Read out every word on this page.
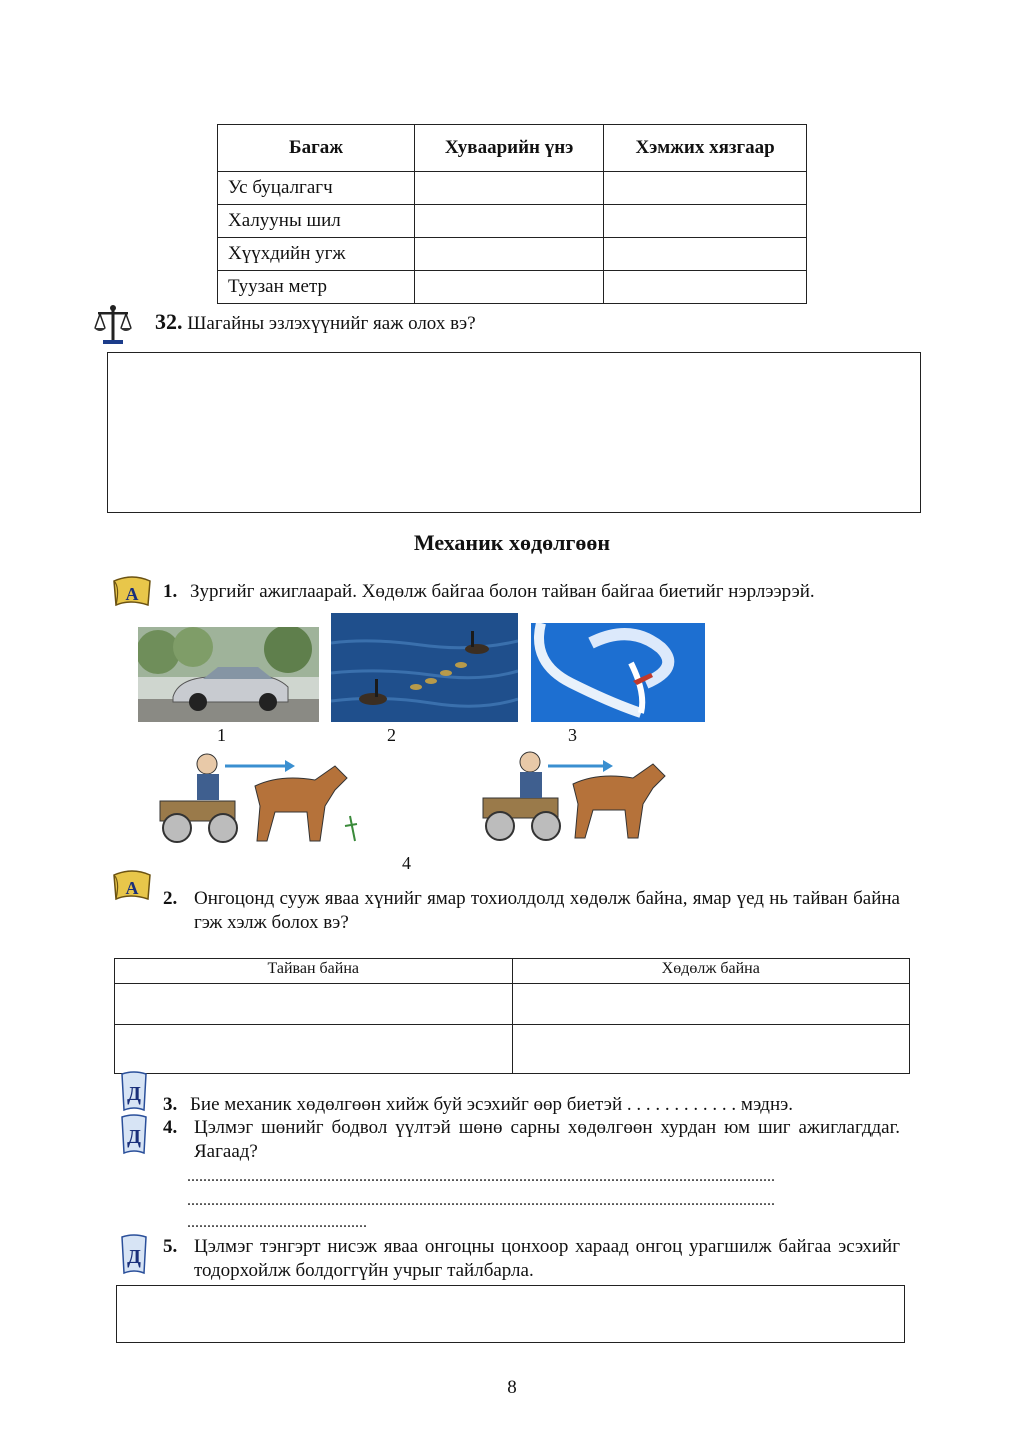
Багаж	Хуваарийн үнэ	Хэмжих хязгаар
Ус буцалгагч		
Халууны шил		
Хүүхдийн угж		
Туузан метр		
32. Шагайны эзлэхүүнийг яаж олох вэ?
Механик хөдөлгөөн
А 1. Зургийг ажиглаарай. Хөдөлж байгаа болон тайван байгаа биетийг нэрлээрэй.
1	2	3
4
А 2. Онгоцонд сууж яваа хүнийг ямар тохиолдолд хөдөлж байна, ямар үед нь тайван байна гэж хэлж болох вэ?
Тайван байна	Хөдөлж байна

Д 3. Бие механик хөдөлгөөн хийж буй эсэхийг өөр биетэй . . . . . . . . . . . . мэднэ.
Д 4. Цэлмэг шөнийг бодвол үүлтэй шөнө сарны хөдөлгөөн хурдан юм шиг ажиглагддаг. Яагаад?
...................................................................................................................................................
...................................................................................................................................................
.............................................
Д 5. Цэлмэг тэнгэрт нисэж яваа онгоцны цонхоор хараад онгоц урагшилж байгаа эсэхийг тодорхойлж болдоггүйн учрыг тайлбарла.
8
